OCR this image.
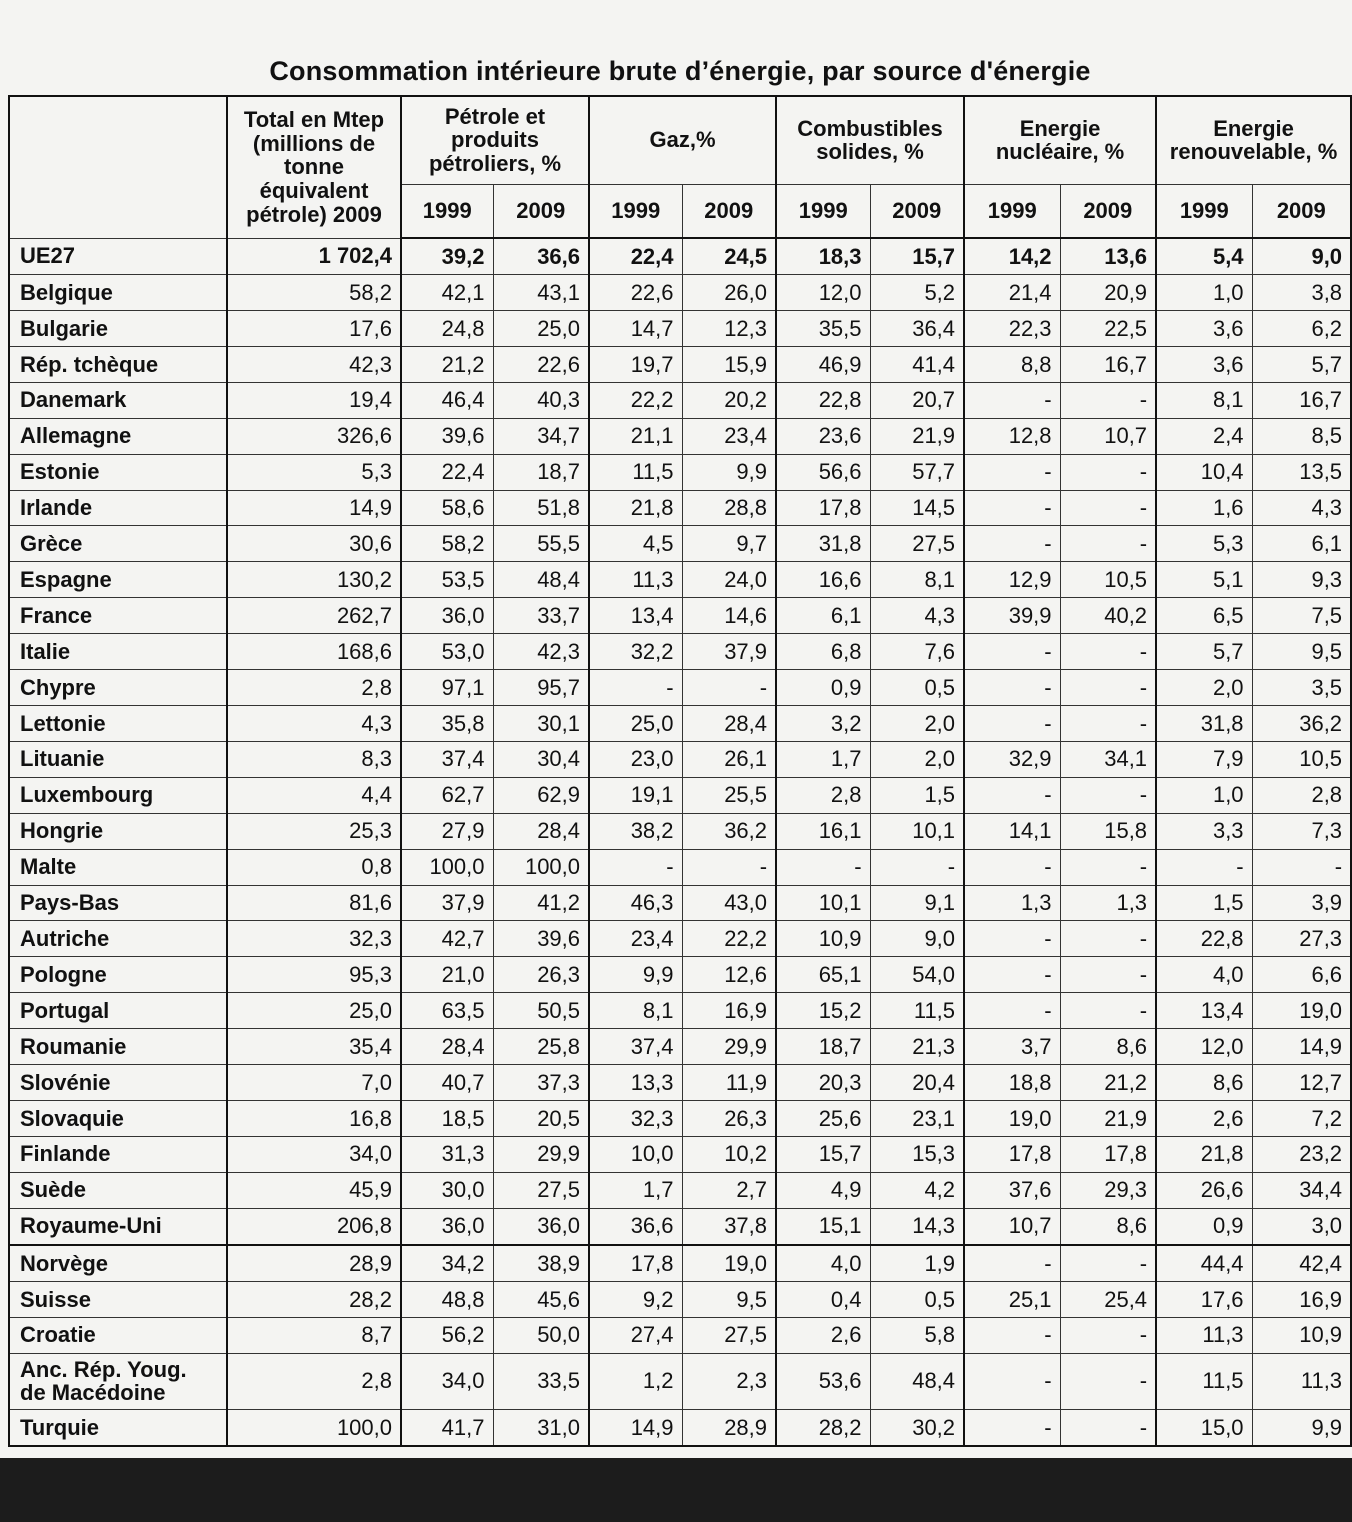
Consommation intérieure brute d’énergie, par source d'énergie
	Total en Mtep (millions de tonne équivalent pétrole) 2009	Pétrole et produits pétroliers, %		Gaz,%		Combustibles solides, %		Energie nucléaire, %		Energie renouvelable, %	
		1999	2009	1999	2009	1999	2009	1999	2009	1999	2009
UE27	1 702,4	39,2	36,6	22,4	24,5	18,3	15,7	14,2	13,6	5,4	9,0
Belgique	58,2	42,1	43,1	22,6	26,0	12,0	5,2	21,4	20,9	1,0	3,8
Bulgarie	17,6	24,8	25,0	14,7	12,3	35,5	36,4	22,3	22,5	3,6	6,2
Rép. tchèque	42,3	21,2	22,6	19,7	15,9	46,9	41,4	8,8	16,7	3,6	5,7
Danemark	19,4	46,4	40,3	22,2	20,2	22,8	20,7	-	-	8,1	16,7
Allemagne	326,6	39,6	34,7	21,1	23,4	23,6	21,9	12,8	10,7	2,4	8,5
Estonie	5,3	22,4	18,7	11,5	9,9	56,6	57,7	-	-	10,4	13,5
Irlande	14,9	58,6	51,8	21,8	28,8	17,8	14,5	-	-	1,6	4,3
Grèce	30,6	58,2	55,5	4,5	9,7	31,8	27,5	-	-	5,3	6,1
Espagne	130,2	53,5	48,4	11,3	24,0	16,6	8,1	12,9	10,5	5,1	9,3
France	262,7	36,0	33,7	13,4	14,6	6,1	4,3	39,9	40,2	6,5	7,5
Italie	168,6	53,0	42,3	32,2	37,9	6,8	7,6	-	-	5,7	9,5
Chypre	2,8	97,1	95,7	-	-	0,9	0,5	-	-	2,0	3,5
Lettonie	4,3	35,8	30,1	25,0	28,4	3,2	2,0	-	-	31,8	36,2
Lituanie	8,3	37,4	30,4	23,0	26,1	1,7	2,0	32,9	34,1	7,9	10,5
Luxembourg	4,4	62,7	62,9	19,1	25,5	2,8	1,5	-	-	1,0	2,8
Hongrie	25,3	27,9	28,4	38,2	36,2	16,1	10,1	14,1	15,8	3,3	7,3
Malte	0,8	100,0	100,0	-	-	-	-	-	-	-	-
Pays-Bas	81,6	37,9	41,2	46,3	43,0	10,1	9,1	1,3	1,3	1,5	3,9
Autriche	32,3	42,7	39,6	23,4	22,2	10,9	9,0	-	-	22,8	27,3
Pologne	95,3	21,0	26,3	9,9	12,6	65,1	54,0	-	-	4,0	6,6
Portugal	25,0	63,5	50,5	8,1	16,9	15,2	11,5	-	-	13,4	19,0
Roumanie	35,4	28,4	25,8	37,4	29,9	18,7	21,3	3,7	8,6	12,0	14,9
Slovénie	7,0	40,7	37,3	13,3	11,9	20,3	20,4	18,8	21,2	8,6	12,7
Slovaquie	16,8	18,5	20,5	32,3	26,3	25,6	23,1	19,0	21,9	2,6	7,2
Finlande	34,0	31,3	29,9	10,0	10,2	15,7	15,3	17,8	17,8	21,8	23,2
Suède	45,9	30,0	27,5	1,7	2,7	4,9	4,2	37,6	29,3	26,6	34,4
Royaume-Uni	206,8	36,0	36,0	36,6	37,8	15,1	14,3	10,7	8,6	0,9	3,0
Norvège	28,9	34,2	38,9	17,8	19,0	4,0	1,9	-	-	44,4	42,4
Suisse	28,2	48,8	45,6	9,2	9,5	0,4	0,5	25,1	25,4	17,6	16,9
Croatie	8,7	56,2	50,0	27,4	27,5	2,6	5,8	-	-	11,3	10,9
Anc. Rép. Youg. de Macédoine	2,8	34,0	33,5	1,2	2,3	53,6	48,4	-	-	11,5	11,3
Turquie	100,0	41,7	31,0	14,9	28,9	28,2	30,2	-	-	15,0	9,9
